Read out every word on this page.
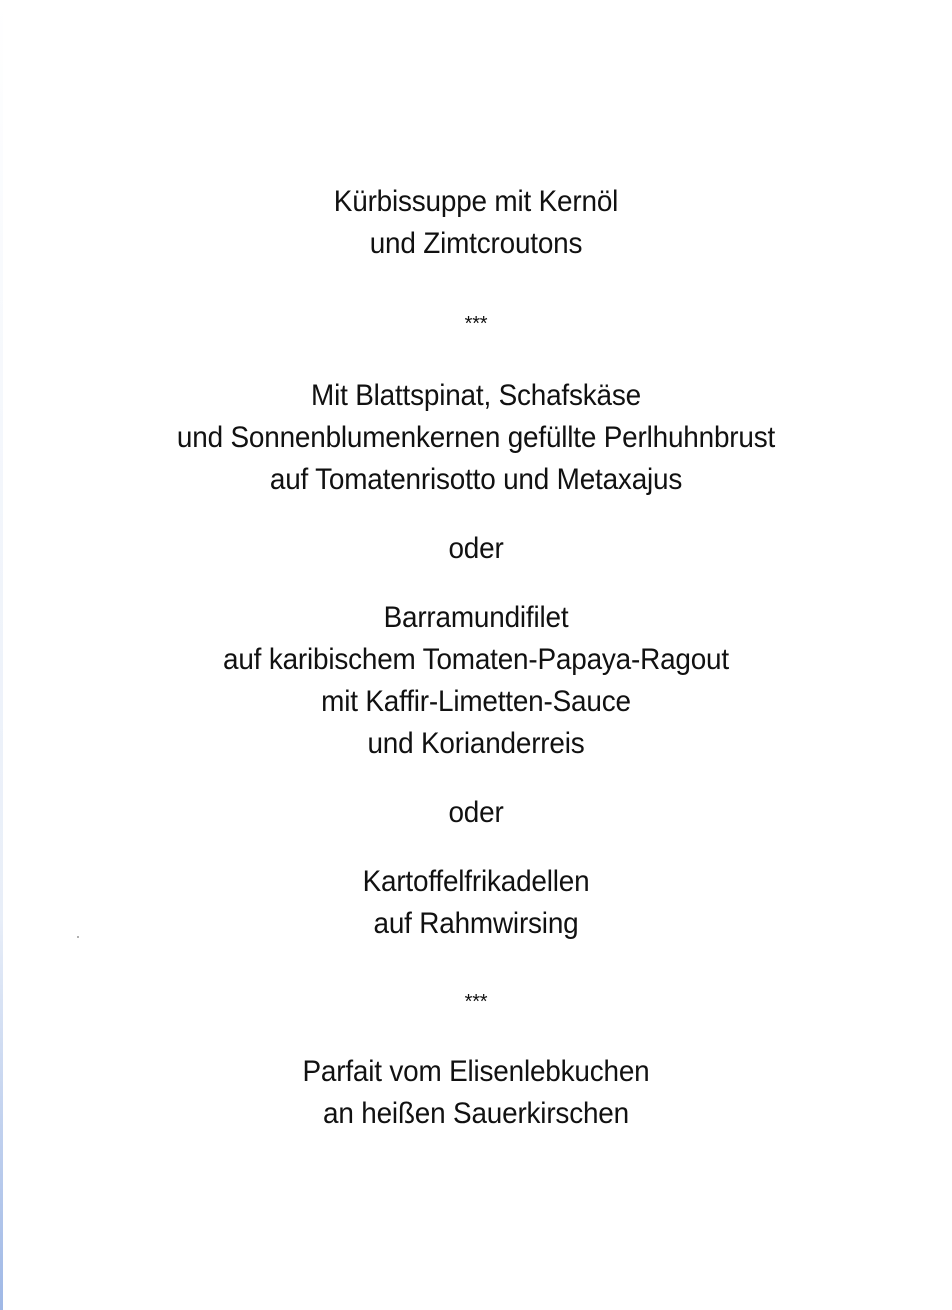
Kürbissuppe mit Kernöl
und Zimtcroutons
***
Mit Blattspinat, Schafskäse
und Sonnenblumenkernen gefüllte Perlhuhnbrust
auf Tomatenrisotto und Metaxajus
oder
Barramundifilet
auf karibischem Tomaten-Papaya-Ragout
mit Kaffir-Limetten-Sauce
und Korianderreis
oder
Kartoffelfrikadellen
auf Rahmwirsing
***
Parfait vom Elisenlebkuchen
an heißen Sauerkirschen
